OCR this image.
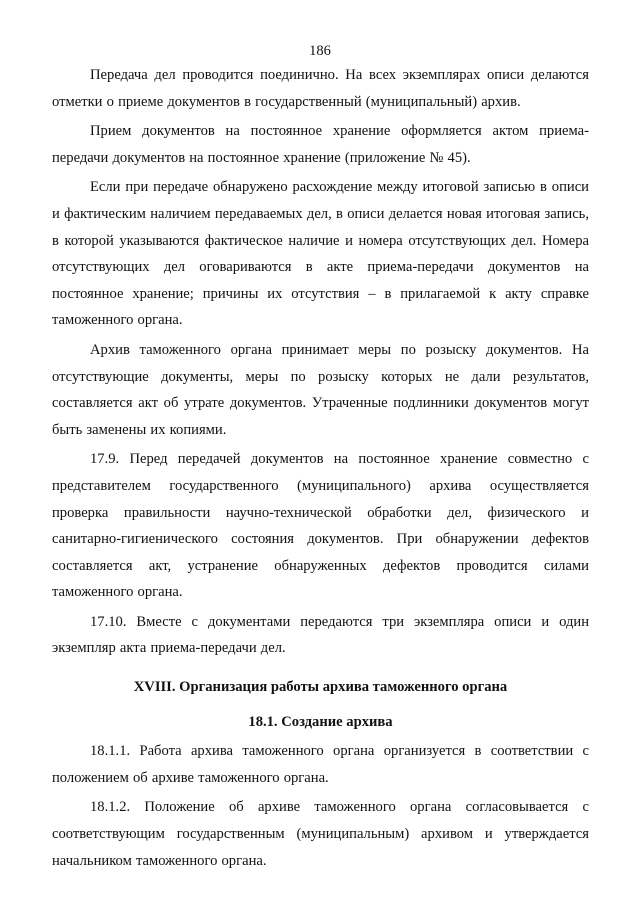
186

Передача дел проводится поединично. На всех экземплярах описи делаются отметки о приеме документов в государственный (муниципальный) архив.

Прием документов на постоянное хранение оформляется актом приема-передачи документов на постоянное хранение (приложение № 45).

Если при передаче обнаружено расхождение между итоговой записью в описи и фактическим наличием передаваемых дел, в описи делается новая итоговая запись, в которой указываются фактическое наличие и номера отсутствующих дел. Номера отсутствующих дел оговариваются в акте приема-передачи документов на постоянное хранение; причины их отсутствия – в прилагаемой к акту справке таможенного органа.

Архив таможенного органа принимает меры по розыску документов. На отсутствующие документы, меры по розыску которых не дали результатов, составляется акт об утрате документов. Утраченные подлинники документов могут быть заменены их копиями.

17.9. Перед передачей документов на постоянное хранение совместно с представителем государственного (муниципального) архива осуществляется проверка правильности научно-технической обработки дел, физического и санитарно-гигиенического состояния документов. При обнаружении дефектов составляется акт, устранение обнаруженных дефектов проводится силами таможенного органа.

17.10. Вместе с документами передаются три экземпляра описи и один экземпляр акта приема-передачи дел.

XVIII. Организация работы архива таможенного органа

18.1. Создание архива

18.1.1. Работа архива таможенного органа организуется в соответствии с положением об архиве таможенного органа.

18.1.2. Положение об архиве таможенного органа согласовывается с соответствующим государственным (муниципальным) архивом и утверждается начальником таможенного органа.
